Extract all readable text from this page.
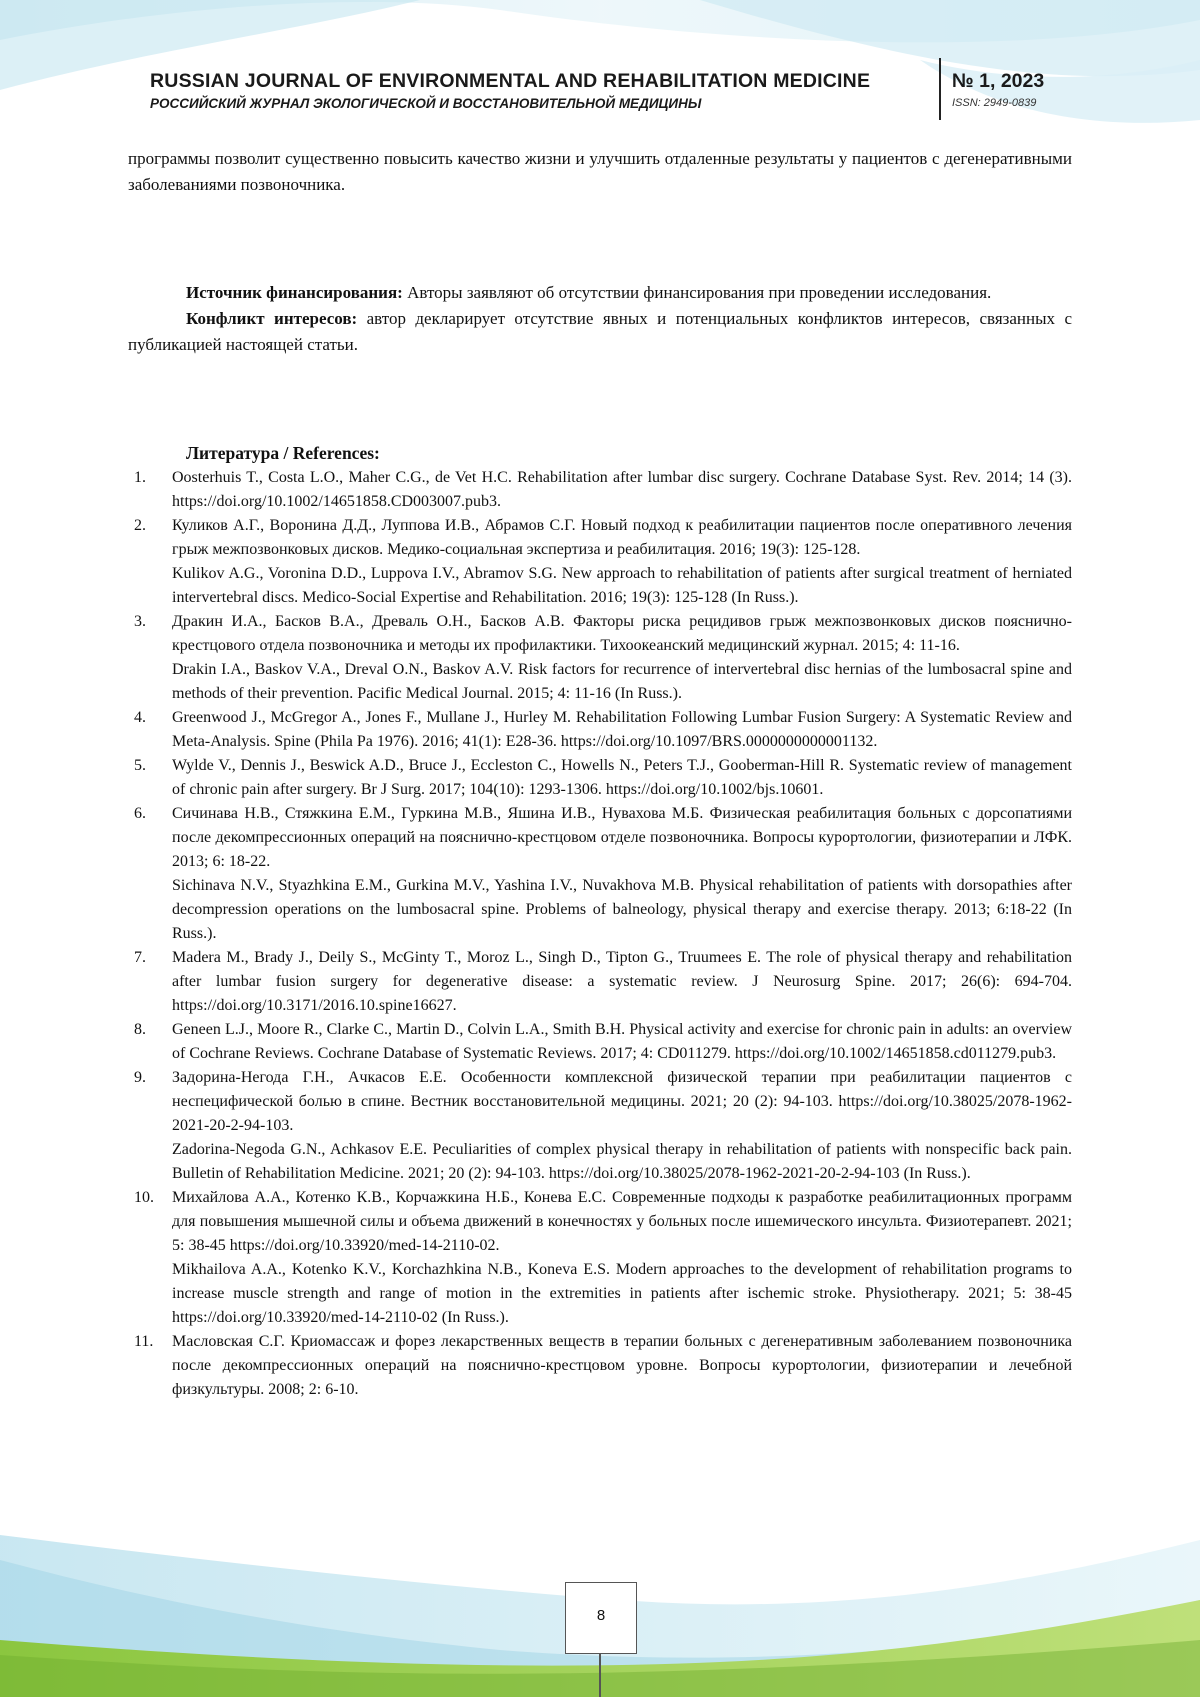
RUSSIAN JOURNAL OF ENVIRONMENTAL AND REHABILITATION MEDICINE
РОССИЙСКИЙ ЖУРНАЛ ЭКОЛОГИЧЕСКОЙ И ВОССТАНОВИТЕЛЬНОЙ МЕДИЦИНЫ
№ 1, 2023
ISSN: 2949-0839

программы позволит существенно повысить качество жизни и улучшить отдаленные результаты у пациентов с дегенеративными заболеваниями позвоночника.

Источник финансирования: Авторы заявляют об отсутствии финансирования при проведении исследования.

Конфликт интересов: автор декларирует отсутствие явных и потенциальных конфликтов интересов, связанных с публикацией настоящей статьи.

Литература / References:
1. Oosterhuis T., Costa L.O., Maher C.G., de Vet H.C. Rehabilitation after lumbar disc surgery. Cochrane Database Syst. Rev. 2014; 14 (3). https://doi.org/10.1002/14651858.CD003007.pub3.
2. Куликов А.Г., Воронина Д.Д., Луппова И.В., Абрамов С.Г. Новый подход к реабилитации пациентов после оперативного лечения грыж межпозвонковых дисков. Медико-социальная экспертиза и реабилитация. 2016; 19(3): 125-128.
Kulikov A.G., Voronina D.D., Luppova I.V., Abramov S.G. New approach to rehabilitation of patients after surgical treatment of herniated intervertebral discs. Medico-Social Expertise and Rehabilitation. 2016; 19(3): 125-128 (In Russ.).
3. Дракин И.А., Басков В.А., Древаль О.Н., Басков А.В. Факторы риска рецидивов грыж межпозвонковых дисков пояснично-крестцового отдела позвоночника и методы их профилактики. Тихоокеанский медицинский журнал. 2015; 4: 11-16.
Drakin I.A., Baskov V.A., Dreval O.N., Baskov A.V. Risk factors for recurrence of intervertebral disc hernias of the lumbosacral spine and methods of their prevention. Pacific Medical Journal. 2015; 4: 11-16 (In Russ.).
4. Greenwood J., McGregor A., Jones F., Mullane J., Hurley M. Rehabilitation Following Lumbar Fusion Surgery: A Systematic Review and Meta-Analysis. Spine (Phila Pa 1976). 2016; 41(1): E28-36. https://doi.org/10.1097/BRS.0000000000001132.
5. Wylde V., Dennis J., Beswick A.D., Bruce J., Eccleston C., Howells N., Peters T.J., Gooberman-Hill R. Systematic review of management of chronic pain after surgery. Br J Surg. 2017; 104(10): 1293-1306. https://doi.org/10.1002/bjs.10601.
6. Сичинава Н.В., Стяжкина Е.М., Гуркина М.В., Яшина И.В., Нувахова М.Б. Физическая реабилитация больных с дорсопатиями после декомпрессионных операций на пояснично-крестцовом отделе позвоночника. Вопросы курортологии, физиотерапии и ЛФК. 2013; 6: 18-22.
Sichinava N.V., Styazhkina E.M., Gurkina M.V., Yashina I.V., Nuvakhova M.B. Physical rehabilitation of patients with dorsopathies after decompression operations on the lumbosacral spine. Problems of balneology, physical therapy and exercise therapy. 2013; 6:18-22 (In Russ.).
7. Madera M., Brady J., Deily S., McGinty T., Moroz L., Singh D., Tipton G., Truumees E. The role of physical therapy and rehabilitation after lumbar fusion surgery for degenerative disease: a systematic review. J Neurosurg Spine. 2017; 26(6): 694-704. https://doi.org/10.3171/2016.10.spine16627.
8. Geneen L.J., Moore R., Clarke C., Martin D., Colvin L.A., Smith B.H. Physical activity and exercise for chronic pain in adults: an overview of Cochrane Reviews. Cochrane Database of Systematic Reviews. 2017; 4: CD011279. https://doi.org/10.1002/14651858.cd011279.pub3.
9. Задорина-Негода Г.Н., Ачкасов Е.Е. Особенности комплексной физической терапии при реабилитации пациентов с неспецифической болью в спине. Вестник восстановительной медицины. 2021; 20 (2): 94-103. https://doi.org/10.38025/2078-1962-2021-20-2-94-103.
Zadorina-Negoda G.N., Achkasov E.E. Peculiarities of complex physical therapy in rehabilitation of patients with nonspecific back pain. Bulletin of Rehabilitation Medicine. 2021; 20 (2): 94-103. https://doi.org/10.38025/2078-1962-2021-20-2-94-103 (In Russ.).
10. Михайлова А.А., Котенко К.В., Корчажкина Н.Б., Конева Е.С. Современные подходы к разработке реабилитационных программ для повышения мышечной силы и объема движений в конечностях у больных после ишемического инсульта. Физиотерапевт. 2021; 5: 38-45 https://doi.org/10.33920/med-14-2110-02.
Mikhailova A.A., Kotenko K.V., Korchazhkina N.B., Koneva E.S. Modern approaches to the development of rehabilitation programs to increase muscle strength and range of motion in the extremities in patients after ischemic stroke. Physiotherapy. 2021; 5: 38-45 https://doi.org/10.33920/med-14-2110-02 (In Russ.).
11. Масловская С.Г. Криомассаж и форез лекарственных веществ в терапии больных с дегенеративным заболеванием позвоночника после декомпрессионных операций на пояснично-крестцовом уровне. Вопросы курортологии, физиотерапии и лечебной физкультуры. 2008; 2: 6-10.
8
